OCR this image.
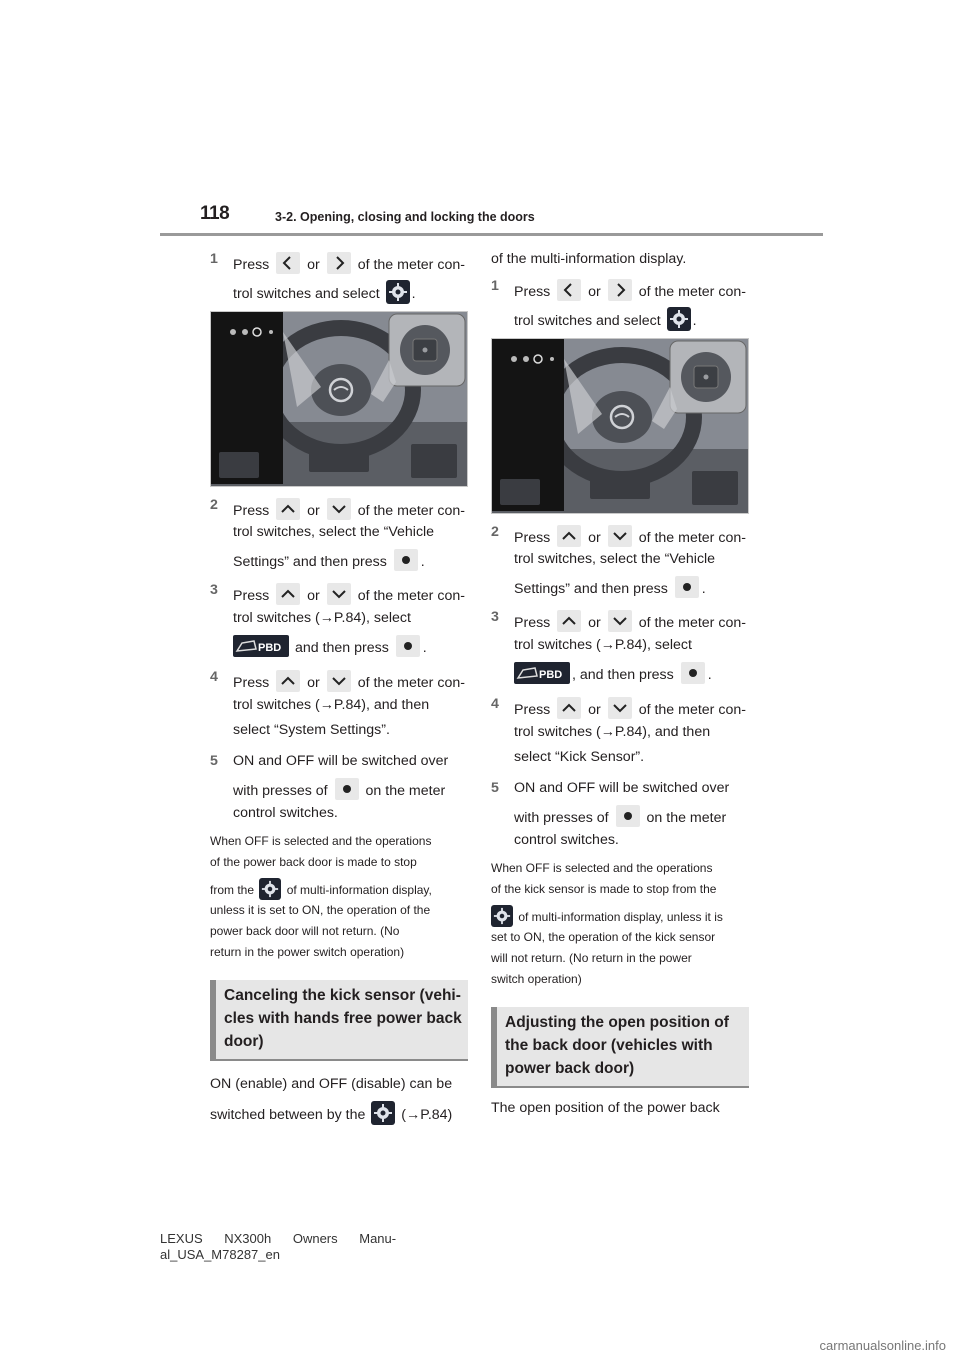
118	3-2. Opening, closing and locking the doors
1 Press	or	of the meter con-
trol switches and select .
2 Press	or	of the meter con-
trol switches, select the “Vehicle
Settings” and then press .
3 Press	or	of the meter con-
trol switches (→P.84), select
PBD and then press .
4 Press	or	of the meter con-
trol switches (→P.84), and then
select “System Settings”.
5 ON and OFF will be switched over
with presses of	on the meter
control switches.
When OFF is selected and the operations
of the power back door is made to stop
from the	of multi-information display,
unless it is set to ON, the operation of the
power back door will not return. (No
return in the power switch operation)
Canceling the kick sensor (vehi-
cles with hands free power back
door)
ON (enable) and OFF (disable) can be
switched between by the	(→P.84)
of the multi-information display.
1 Press	or	of the meter con-
trol switches and select .
2 Press	or	of the meter con-
trol switches, select the “Vehicle
Settings” and then press .
3 Press	or	of the meter con-
trol switches (→P.84), select
PBD , and then press .
4 Press	or	of the meter con-
trol switches (→P.84), and then
select “Kick Sensor”.
5 ON and OFF will be switched over
with presses of	on the meter
control switches.
When OFF is selected and the operations
of the kick sensor is made to stop from the
of multi-information display, unless it is
set to ON, the operation of the kick sensor
will not return. (No return in the power
switch operation)
Adjusting the open position of
the back door (vehicles with
power back door)
The open position of the power back
LEXUS NX300h Owners Manu-
al_USA_M78287_en
carmanualsonline.info
